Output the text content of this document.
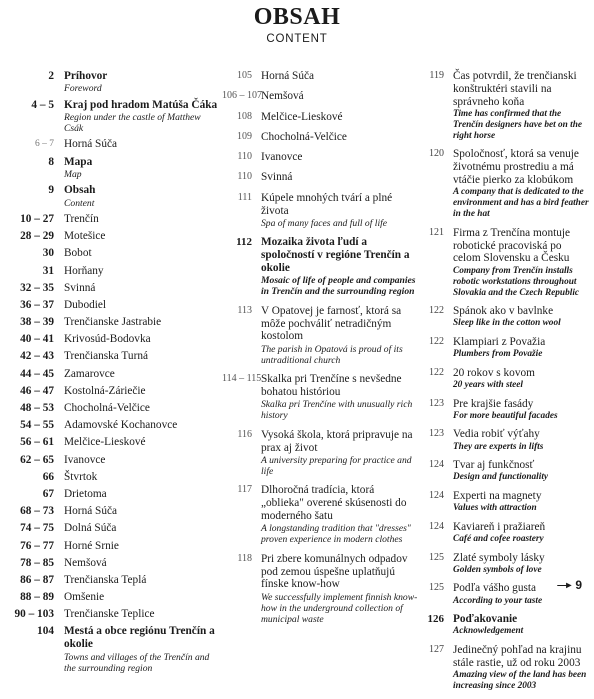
OBSAH
CONTENT
2 Príhovor
Foreword
4 – 5 Kraj pod hradom Matúša Čáka
Region under the castle of Matthew Csák
6 – 7 Horná Súča
8 Mapa
Map
9 Obsah
Content
10 – 27 Trenčín
28 – 29 Motešice
30 Bobot
31 Horňany
32 – 35 Svinná
36 – 37 Dubodiel
38 – 39 Trenčianske Jastrabie
40 – 41 Krivosúd-Bodovka
42 – 43 Trenčianska Turná
44 – 45 Zamarovce
46 – 47 Kostolná-Záriečie
48 – 53 Chocholná-Velčice
54 – 55 Adamovské Kochanovce
56 – 61 Melčice-Lieskové
62 – 65 Ivanovce
66 Štvrtok
67 Drietoma
68 – 73 Horná Súča
74 – 75 Dolná Súča
76 – 77 Horné Srnie
78 – 85 Nemšová
86 – 87 Trenčianska Teplá
88 – 89 Omšenie
90 – 103 Trenčianske Teplice
104 Mestá a obce regiónu Trenčín a okolie
Towns and villages of the Trenčín and the surrounding region
105 Horná Súča
106 – 107 Nemšová
108 Melčice-Lieskové
109 Chocholná-Velčice
110 Ivanovce
110 Svinná
111 Kúpele mnohých tvárí a plné života
Spa of many faces and full of life
112 Mozaika života ľudí a spoločností v regióne Trenčín a okolie
Mosaic of life of people and companies in Trenčín and the surrounding region
113 V Opatovej je farnosť, ktorá sa môže pochváliť netradičným kostolom
The parish in Opatová is proud of its untraditional church
114 – 115 Skalka pri Trenčíne s nevšedne bohatou históriou
Skalka pri Trenčíne with unusually rich history
116 Vysoká škola, ktorá pripravuje na prax aj život
A university preparing for practice and life
117 Dlhoročná tradícia, ktorá „oblieka" overené skúsenosti do moderného šatu
A longstanding tradition that "dresses" proven experience in modern clothes
118 Pri zbere komunálnych odpadov pod zemou úspešne uplatňujú fínske know-how
We successfully implement finnish know-how in the underground collection of municipal waste
119 Čas potvrdil, že trenčianski konštruktéri stavili na správneho koňa
Time has confirmed that the Trenčín designers have bet on the right horse
120 Spoločnosť, ktorá sa venuje životnému prostrediu a má vtáčie pierko za klobúkom
A company that is dedicated to the environment and has a bird feather in the hat
121 Firma z Trenčína montuje robotické pracoviská po celom Slovensku a Česku
Company from Trenčín installs robotic workstations throughout Slovakia and the Czech Republic
122 Spánok ako v bavlnke
Sleep like in the cotton wool
122 Klampiari z Považia
Plumbers from Považie
122 20 rokov s kovom
20 years with steel
123 Pre krajšie fasády
For more beautiful facades
123 Vedia robiť výťahy
They are experts in lifts
124 Tvar aj funkčnosť
Design and functionality
124 Experti na magnety
Values with attraction
124 Kaviareň i pražiareň
Café and cofee roastery
125 Zlaté symboly lásky
Golden symbols of love
125 Podľa vášho gusta
According to your taste
126 Poďakovanie
Acknowledgement
127 Jedinečný pohľad na krajinu stále rastie, už od roku 2003
Amazing view of the land has been increasing since 2003
—▸ 9
